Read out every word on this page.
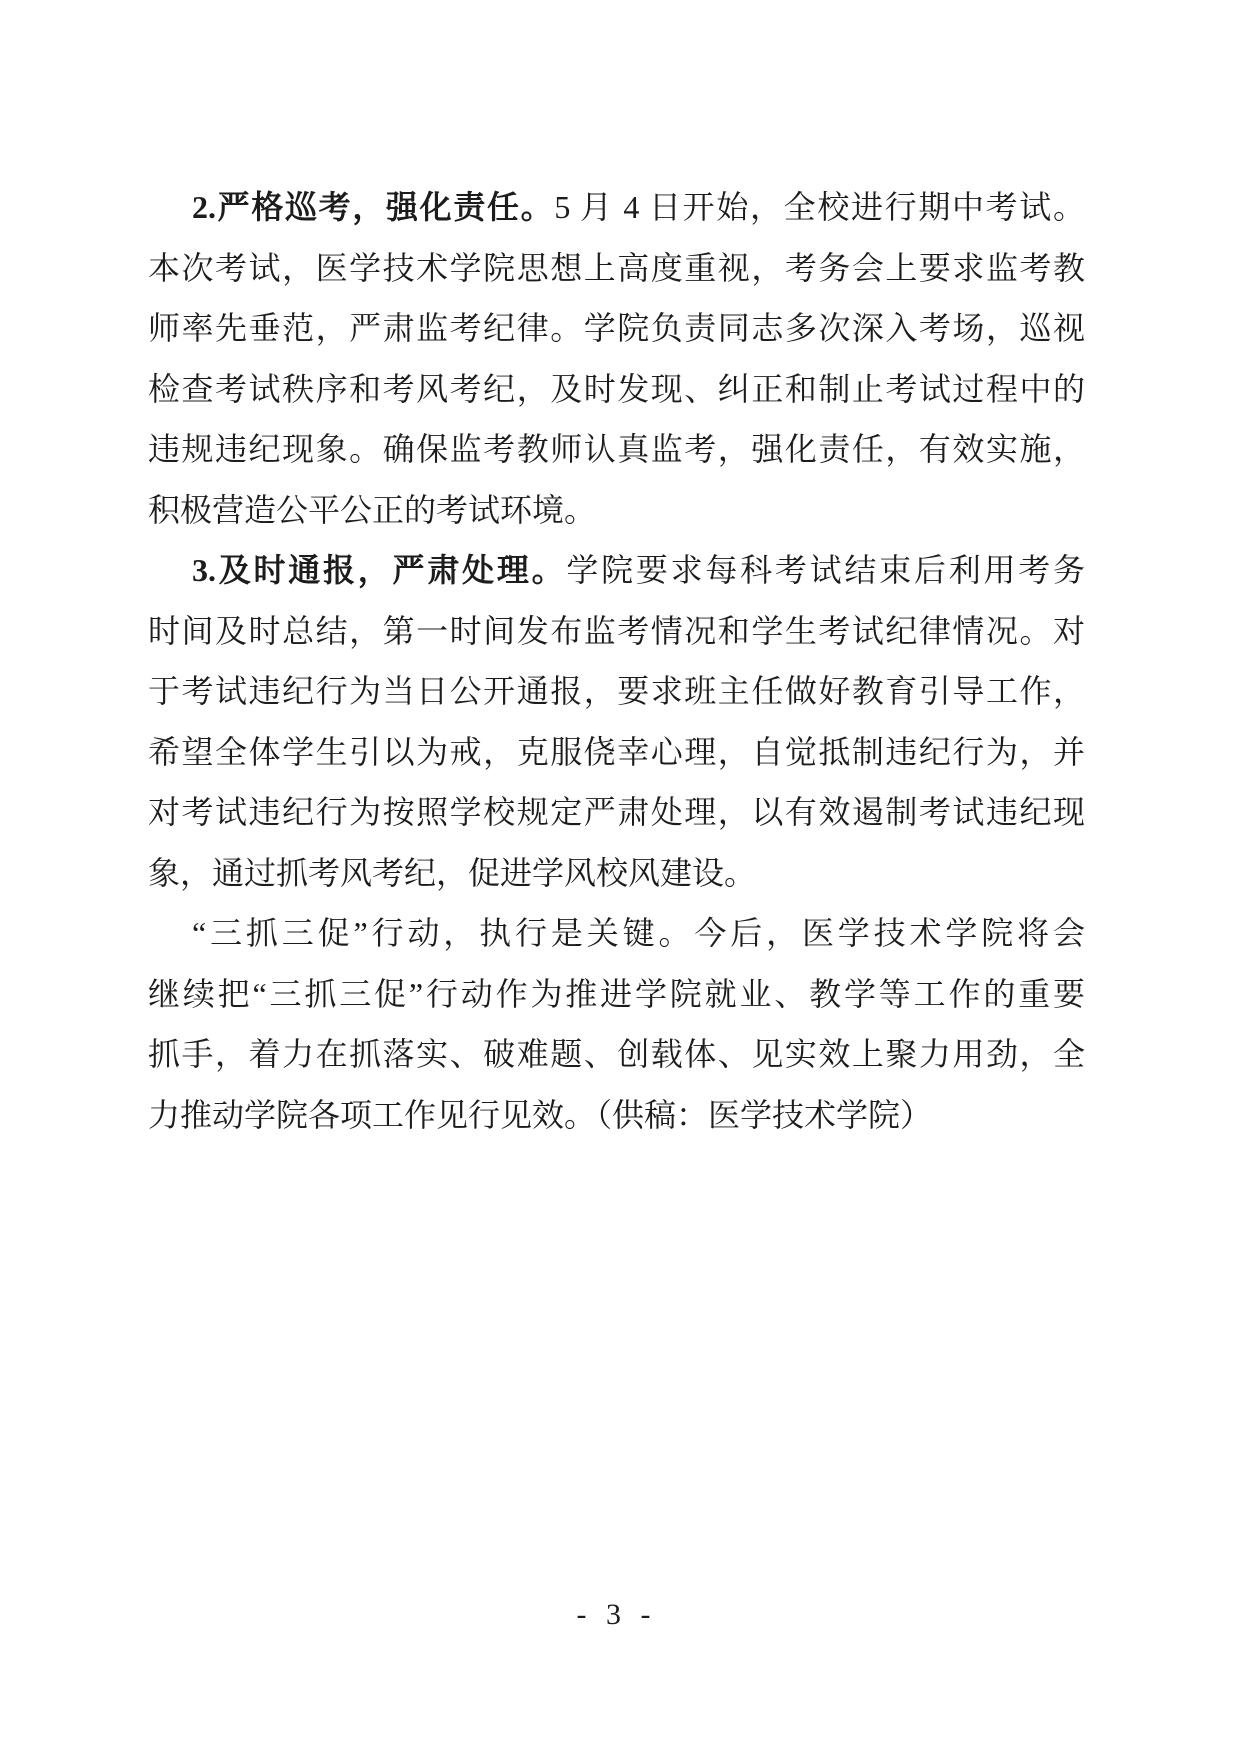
2.严格巡考，强化责任。5 月 4 日开始，全校进行期中考试。
本次考试，医学技术学院思想上高度重视，考务会上要求监考教
师率先垂范，严肃监考纪律。学院负责同志多次深入考场，巡视
检查考试秩序和考风考纪，及时发现、纠正和制止考试过程中的
违规违纪现象。确保监考教师认真监考，强化责任，有效实施，
积极营造公平公正的考试环境。
3.及时通报，严肃处理。学院要求每科考试结束后利用考务
时间及时总结，第一时间发布监考情况和学生考试纪律情况。对
于考试违纪行为当日公开通报，要求班主任做好教育引导工作，
希望全体学生引以为戒，克服侥幸心理，自觉抵制违纪行为，并
对考试违纪行为按照学校规定严肃处理，以有效遏制考试违纪现
象，通过抓考风考纪，促进学风校风建设。
“三抓三促”行动，执行是关键。今后，医学技术学院将会
继续把“三抓三促”行动作为推进学院就业、教学等工作的重要
抓手，着力在抓落实、破难题、创载体、见实效上聚力用劲，全
力推动学院各项工作见行见效。（供稿：医学技术学院）
- 3 -
